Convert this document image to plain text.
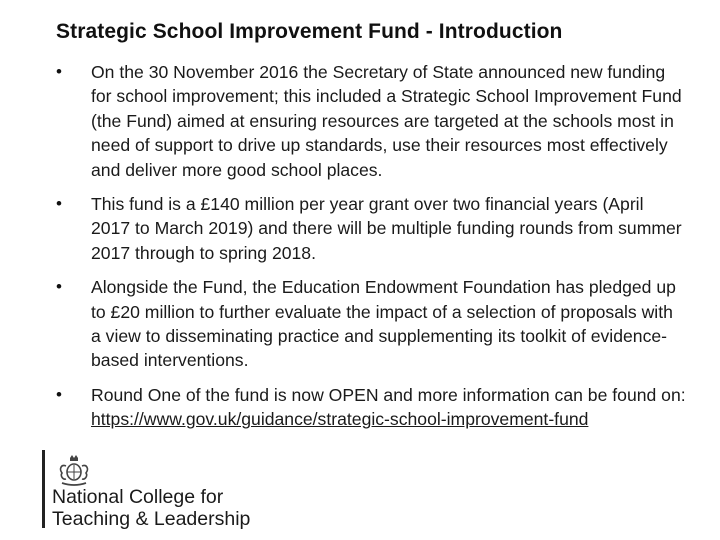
Strategic School Improvement Fund - Introduction
•	On the 30 November 2016 the Secretary of State announced new funding for school improvement; this included a Strategic School Improvement Fund (the Fund) aimed at ensuring resources are targeted at the schools most in need of support to drive up standards, use their resources most effectively and deliver more good school places.
•	This fund is a £140 million per year grant over two financial years (April 2017 to March 2019) and there will be multiple funding rounds from summer 2017 through to spring 2018.
•	Alongside the Fund, the Education Endowment Foundation has pledged up to £20 million to further evaluate the impact of a selection of proposals with a view to disseminating practice and supplementing its toolkit of evidence-based interventions.
•	Round One of the fund is now OPEN and more information can be found on: https://www.gov.uk/guidance/strategic-school-improvement-fund
National College for
Teaching & Leadership
